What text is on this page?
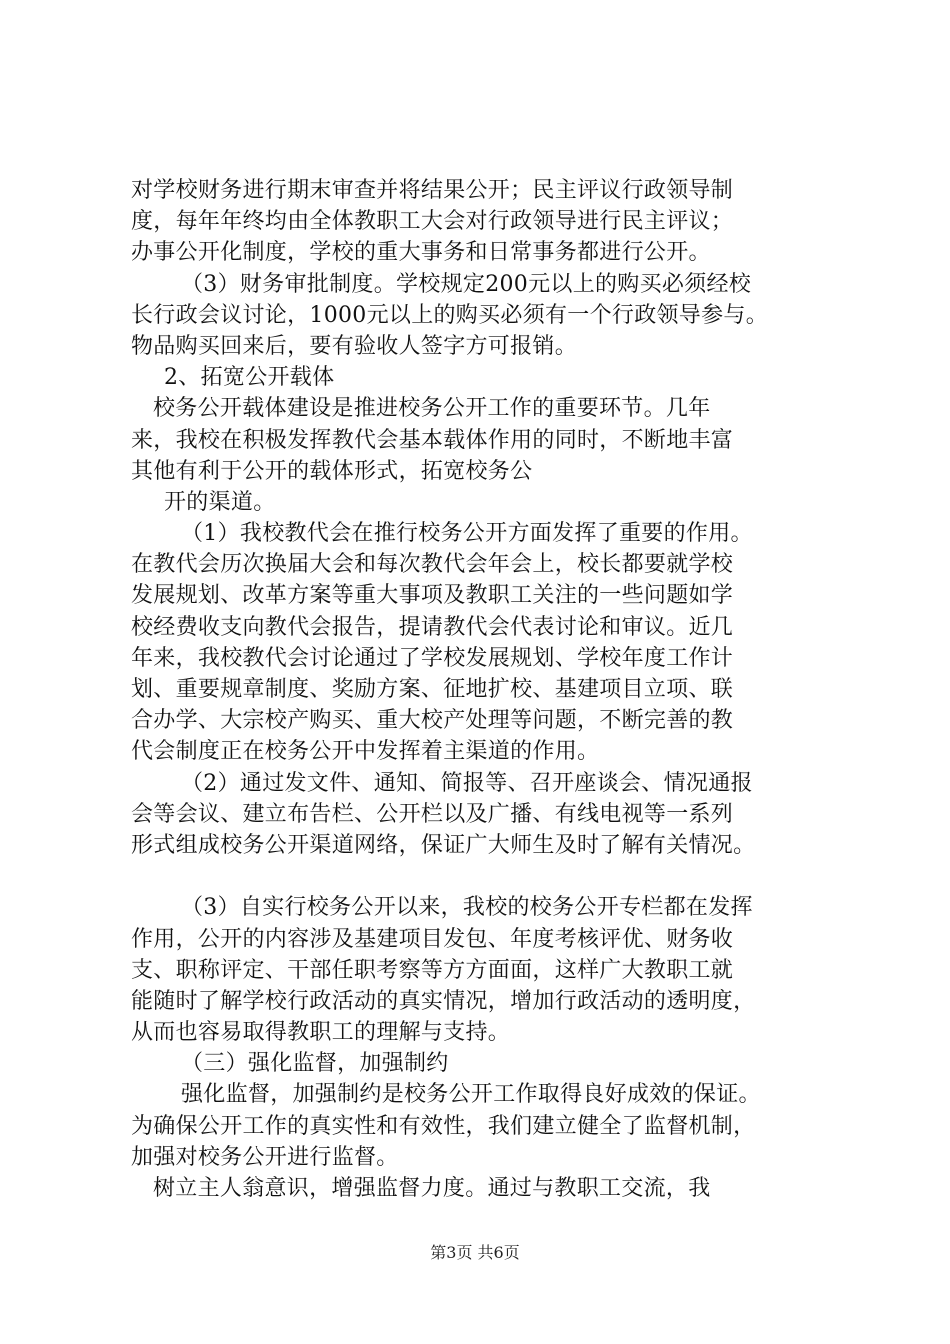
对学校财务进行期末审查并将结果公开；民主评议行政领导制
度，每年年终均由全体教职工大会对行政领导进行民主评议；
办事公开化制度，学校的重大事务和日常事务都进行公开。
（3）财务审批制度。学校规定200元以上的购买必须经校
长行政会议讨论，1000元以上的购买必须有一个行政领导参与。
物品购买回来后，要有验收人签字方可报销。
2、拓宽公开载体
校务公开载体建设是推进校务公开工作的重要环节。几年
来，我校在积极发挥教代会基本载体作用的同时，不断地丰富
其他有利于公开的载体形式，拓宽校务公
开的渠道。
（1）我校教代会在推行校务公开方面发挥了重要的作用。
在教代会历次换届大会和每次教代会年会上，校长都要就学校
发展规划、改革方案等重大事项及教职工关注的一些问题如学
校经费收支向教代会报告，提请教代会代表讨论和审议。近几
年来，我校教代会讨论通过了学校发展规划、学校年度工作计
划、重要规章制度、奖励方案、征地扩校、基建项目立项、联
合办学、大宗校产购买、重大校产处理等问题，不断完善的教
代会制度正在校务公开中发挥着主渠道的作用。
（2）通过发文件、通知、简报等、召开座谈会、情况通报
会等会议、建立布告栏、公开栏以及广播、有线电视等一系列
形式组成校务公开渠道网络，保证广大师生及时了解有关情况。
（3）自实行校务公开以来，我校的校务公开专栏都在发挥
作用，公开的内容涉及基建项目发包、年度考核评优、财务收
支、职称评定、干部任职考察等方方面面，这样广大教职工就
能随时了解学校行政活动的真实情况，增加行政活动的透明度，
从而也容易取得教职工的理解与支持。
（三）强化监督，加强制约
强化监督，加强制约是校务公开工作取得良好成效的保证。
为确保公开工作的真实性和有效性，我们建立健全了监督机制，
加强对校务公开进行监督。
树立主人翁意识，增强监督力度。通过与教职工交流，我
第3页 共6页
